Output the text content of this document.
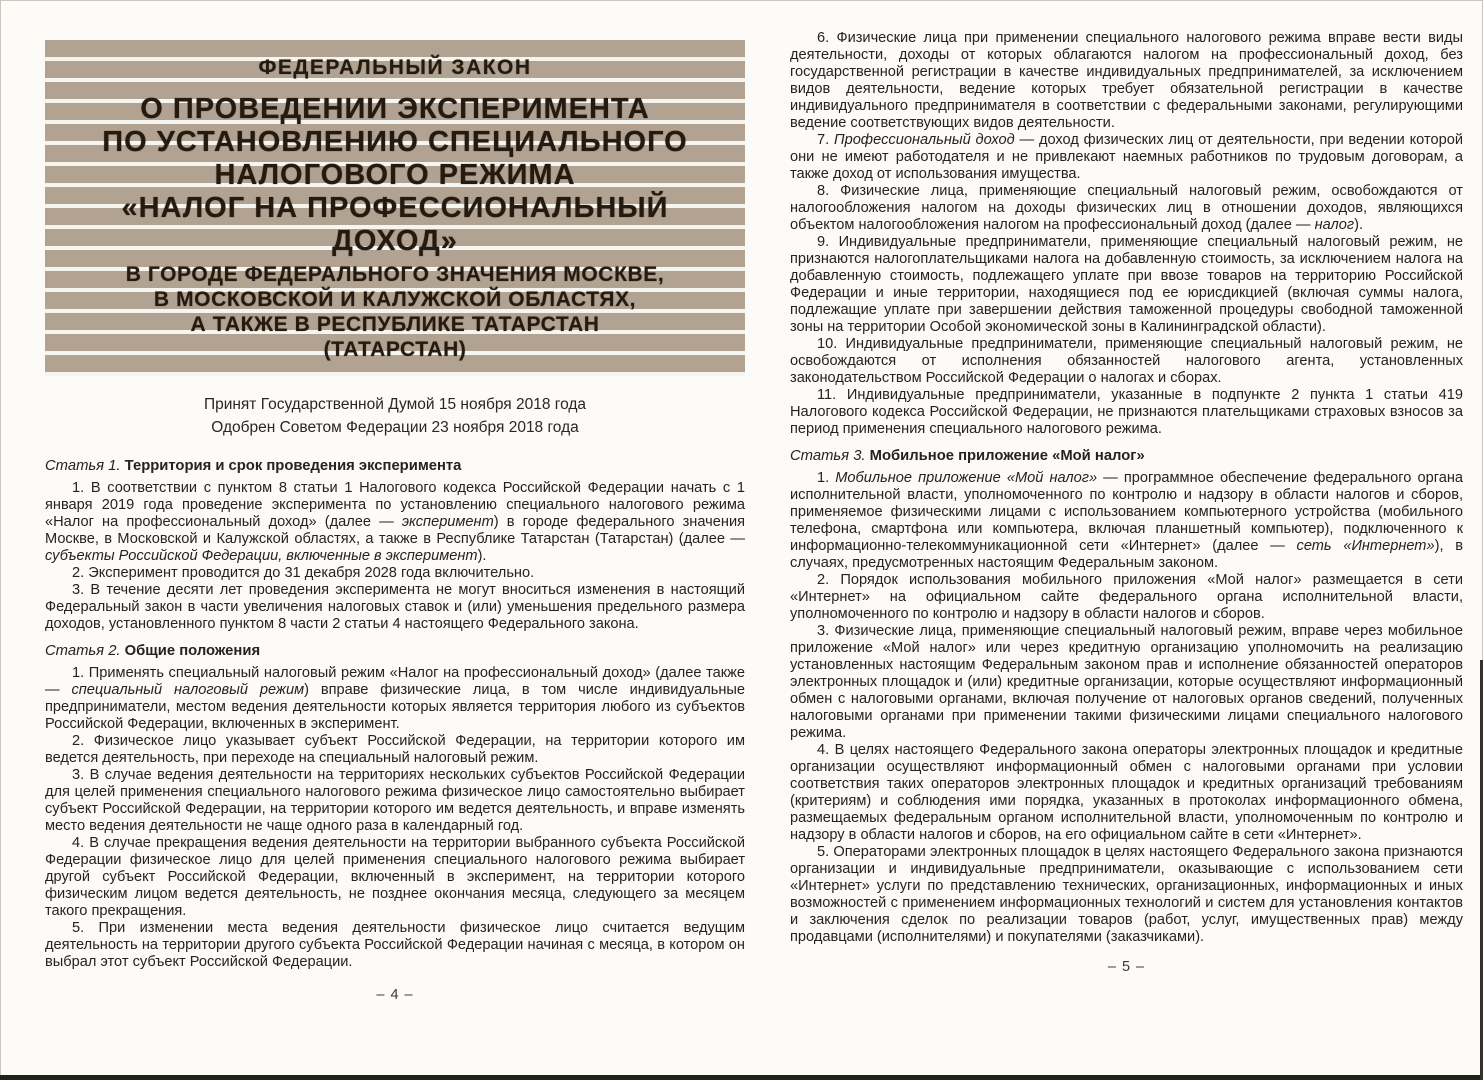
ФЕДЕРАЛЬНЫЙ ЗАКОН
О ПРОВЕДЕНИИ ЭКСПЕРИМЕНТА
ПО УСТАНОВЛЕНИЮ СПЕЦИАЛЬНОГО
НАЛОГОВОГО РЕЖИМА
«НАЛОГ НА ПРОФЕССИОНАЛЬНЫЙ
ДОХОД»
В ГОРОДЕ ФЕДЕРАЛЬНОГО ЗНАЧЕНИЯ МОСКВЕ,
В МОСКОВСКОЙ И КАЛУЖСКОЙ ОБЛАСТЯХ,
А ТАКЖЕ В РЕСПУБЛИКЕ ТАТАРСТАН
(ТАТАРСТАН)
Принят Государственной Думой 15 ноября 2018 года
Одобрен Советом Федерации 23 ноября 2018 года

Статья 1. Территория и срок проведения эксперимента

1. В соответствии с пунктом 8 статьи 1 Налогового кодекса Российской Федерации начать с 1 января 2019 года проведение эксперимента по установлению специального налогового режима «Налог на профессиональный доход» (далее — эксперимент) в городе федерального значения Москве, в Московской и Калужской областях, а также в Республике Татарстан (Татарстан) (далее — субъекты Российской Федерации, включенные в эксперимент).

2. Эксперимент проводится до 31 декабря 2028 года включительно.

3. В течение десяти лет проведения эксперимента не могут вноситься изменения в настоящий Федеральный закон в части увеличения налоговых ставок и (или) уменьшения предельного размера доходов, установленного пунктом 8 части 2 статьи 4 настоящего Федерального закона.

Статья 2. Общие положения

1. Применять специальный налоговый режим «Налог на профессиональный доход» (далее также — специальный налоговый режим) вправе физические лица, в том числе индивидуальные предприниматели, местом ведения деятельности которых является территория любого из субъектов Российской Федерации, включенных в эксперимент.

2. Физическое лицо указывает субъект Российской Федерации, на территории которого им ведется деятельность, при переходе на специальный налоговый режим.

3. В случае ведения деятельности на территориях нескольких субъектов Российской Федерации для целей применения специального налогового режима физическое лицо самостоятельно выбирает субъект Российской Федерации, на территории которого им ведется деятельность, и вправе изменять место ведения деятельности не чаще одного раза в календарный год.

4. В случае прекращения ведения деятельности на территории выбранного субъекта Российской Федерации физическое лицо для целей применения специального налогового режима выбирает другой субъект Российской Федерации, включенный в эксперимент, на территории которого физическим лицом ведется деятельность, не позднее окончания месяца, следующего за месяцем такого прекращения.

5. При изменении места ведения деятельности физическое лицо считается ведущим деятельность на территории другого субъекта Российской Федерации начиная с месяца, в котором он выбрал этот субъект Российской Федерации.

– 4 –

6. Физические лица при применении специального налогового режима вправе вести виды деятельности, доходы от которых облагаются налогом на профессиональный доход, без государственной регистрации в качестве индивидуальных предпринимателей, за исключением видов деятельности, ведение которых требует обязательной регистрации в качестве индивидуального предпринимателя в соответствии с федеральными законами, регулирующими ведение соответствующих видов деятельности.

7. Профессиональный доход — доход физических лиц от деятельности, при ведении которой они не имеют работодателя и не привлекают наемных работников по трудовым договорам, а также доход от использования имущества.

8. Физические лица, применяющие специальный налоговый режим, освобождаются от налогообложения налогом на доходы физических лиц в отношении доходов, являющихся объектом налогообложения налогом на профессиональный доход (далее — налог).

9. Индивидуальные предприниматели, применяющие специальный налоговый режим, не признаются налогоплательщиками налога на добавленную стоимость, за исключением налога на добавленную стоимость, подлежащего уплате при ввозе товаров на территорию Российской Федерации и иные территории, находящиеся под ее юрисдикцией (включая суммы налога, подлежащие уплате при завершении действия таможенной процедуры свободной таможенной зоны на территории Особой экономической зоны в Калининградской области).

10. Индивидуальные предприниматели, применяющие специальный налоговый режим, не освобождаются от исполнения обязанностей налогового агента, установленных законодательством Российской Федерации о налогах и сборах.

11. Индивидуальные предприниматели, указанные в подпункте 2 пункта 1 статьи 419 Налогового кодекса Российской Федерации, не признаются плательщиками страховых взносов за период применения специального налогового режима.

Статья 3. Мобильное приложение «Мой налог»

1. Мобильное приложение «Мой налог» — программное обеспечение федерального органа исполнительной власти, уполномоченного по контролю и надзору в области налогов и сборов, применяемое физическими лицами с использованием компьютерного устройства (мобильного телефона, смартфона или компьютера, включая планшетный компьютер), подключенного к информационно-телекоммуникационной сети «Интернет» (далее — сеть «Интернет»), в случаях, предусмотренных настоящим Федеральным законом.

2. Порядок использования мобильного приложения «Мой налог» размещается в сети «Интернет» на официальном сайте федерального органа исполнительной власти, уполномоченного по контролю и надзору в области налогов и сборов.

3. Физические лица, применяющие специальный налоговый режим, вправе через мобильное приложение «Мой налог» или через кредитную организацию уполномочить на реализацию установленных настоящим Федеральным законом прав и исполнение обязанностей операторов электронных площадок и (или) кредитные организации, которые осуществляют информационный обмен с налоговыми органами, включая получение от налоговых органов сведений, полученных налоговыми органами при применении такими физическими лицами специального налогового режима.

4. В целях настоящего Федерального закона операторы электронных площадок и кредитные организации осуществляют информационный обмен с налоговыми органами при условии соответствия таких операторов электронных площадок и кредитных организаций требованиям (критериям) и соблюдения ими порядка, указанных в протоколах информационного обмена, размещаемых федеральным органом исполнительной власти, уполномоченным по контролю и надзору в области налогов и сборов, на его официальном сайте в сети «Интернет».

5. Операторами электронных площадок в целях настоящего Федерального закона признаются организации и индивидуальные предприниматели, оказывающие с использованием сети «Интернет» услуги по представлению технических, организационных, информационных и иных возможностей с применением информационных технологий и систем для установления контактов и заключения сделок по реализации товаров (работ, услуг, имущественных прав) между продавцами (исполнителями) и покупателями (заказчиками).

– 5 –
